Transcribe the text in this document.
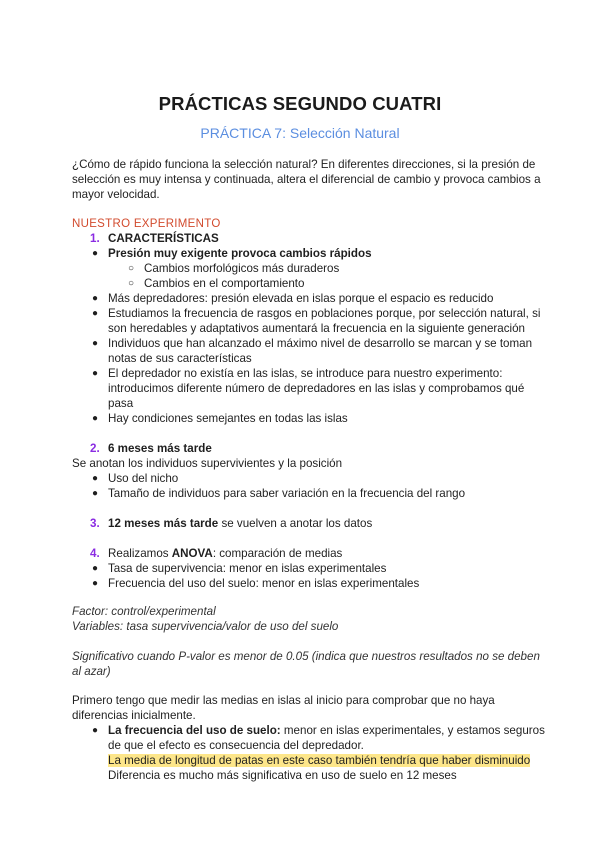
PRÁCTICAS SEGUNDO CUATRI
PRÁCTICA 7: Selección Natural
¿Cómo de rápido funciona la selección natural? En diferentes direcciones, si la presión de
selección es muy intensa y continuada, altera el diferencial de cambio y provoca cambios a
mayor velocidad.
NUESTRO EXPERIMENTO
1. CARACTERÍSTICAS
● Presión muy exigente provoca cambios rápidos
○ Cambios morfológicos más duraderos
○ Cambios en el comportamiento
● Más depredadores: presión elevada en islas porque el espacio es reducido
● Estudiamos la frecuencia de rasgos en poblaciones porque, por selección natural, si
son heredables y adaptativos aumentará la frecuencia en la siguiente generación
● Individuos que han alcanzado el máximo nivel de desarrollo se marcan y se toman
notas de sus características
● El depredador no existía en las islas, se introduce para nuestro experimento:
introducimos diferente número de depredadores en las islas y comprobamos qué
pasa
● Hay condiciones semejantes en todas las islas
2. 6 meses más tarde
Se anotan los individuos supervivientes y la posición
● Uso del nicho
● Tamaño de individuos para saber variación en la frecuencia del rango
3. 12 meses más tarde se vuelven a anotar los datos
4. Realizamos ANOVA: comparación de medias
● Tasa de supervivencia: menor en islas experimentales
● Frecuencia del uso del suelo: menor en islas experimentales
Factor: control/experimental
Variables: tasa supervivencia/valor de uso del suelo
Significativo cuando P-valor es menor de 0.05 (indica que nuestros resultados no se deben
al azar)
Primero tengo que medir las medias en islas al inicio para comprobar que no haya
diferencias inicialmente.
● La frecuencia del uso de suelo: menor en islas experimentales, y estamos seguros
de que el efecto es consecuencia del depredador.
La media de longitud de patas en este caso también tendría que haber disminuido
Diferencia es mucho más significativa en uso de suelo en 12 meses
